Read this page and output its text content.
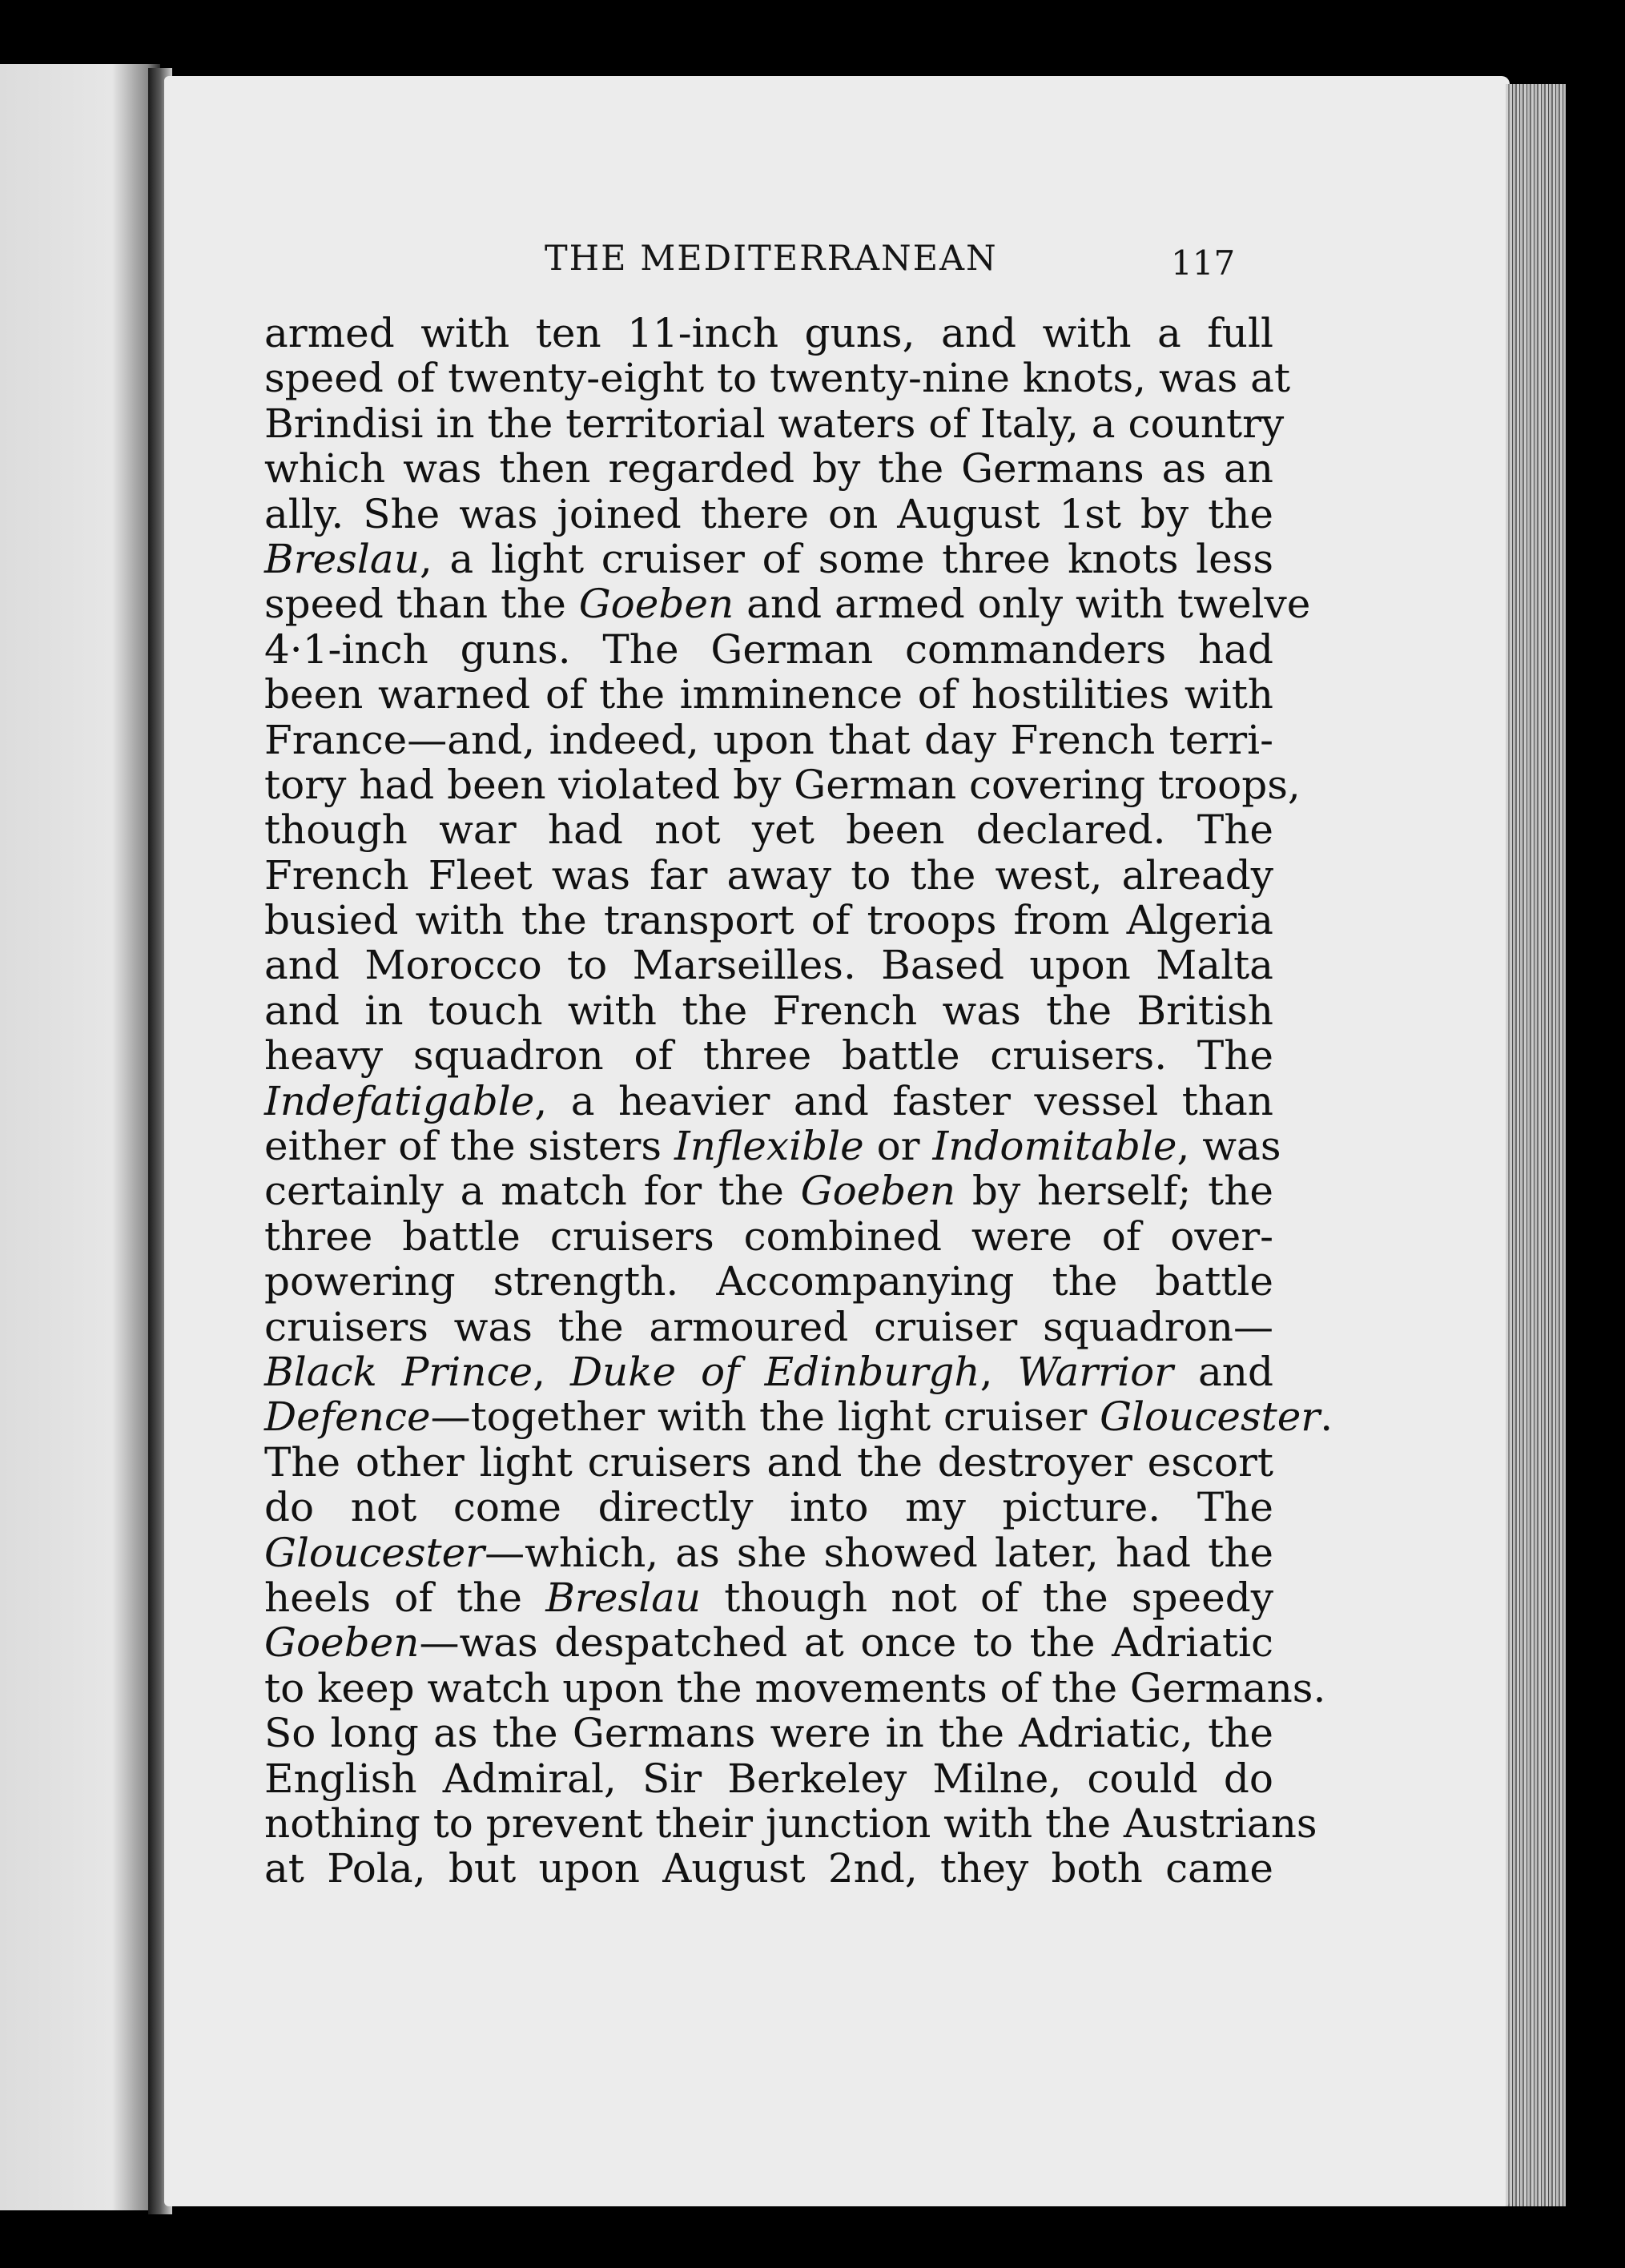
THE MEDITERRANEAN	117
armed with ten 11-inch guns, and with a full
speed of twenty-eight to twenty-nine knots, was at
Brindisi in the territorial waters of Italy, a country
which was then regarded by the Germans as an
ally. She was joined there on August 1st by the
Breslau, a light cruiser of some three knots less
speed than the Goeben and armed only with twelve
4·1-inch guns. The German commanders had
been warned of the imminence of hostilities with
France—and, indeed, upon that day French terri-
tory had been violated by German covering troops,
though war had not yet been declared. The
French Fleet was far away to the west, already
busied with the transport of troops from Algeria
and Morocco to Marseilles. Based upon Malta
and in touch with the French was the British
heavy squadron of three battle cruisers. The
Indefatigable, a heavier and faster vessel than
either of the sisters Inflexible or Indomitable, was
certainly a match for the Goeben by herself; the
three battle cruisers combined were of over-
powering strength. Accompanying the battle
cruisers was the armoured cruiser squadron—
Black Prince, Duke of Edinburgh, Warrior and
Defence—together with the light cruiser Gloucester
The other light cruisers and the destroyer escort
do not come directly into my picture. The
Gloucester—which, as she showed later, had the
heels of the Breslau though not of the speedy
Goeben—was despatched at once to the Adriatic
to keep watch upon the movements of the Germans.
So long as the Germans were in the Adriatic, the
English Admiral, Sir Berkeley Milne, could do
nothing to prevent their junction with the Austrians
at Pola, but upon August 2nd, they both came
